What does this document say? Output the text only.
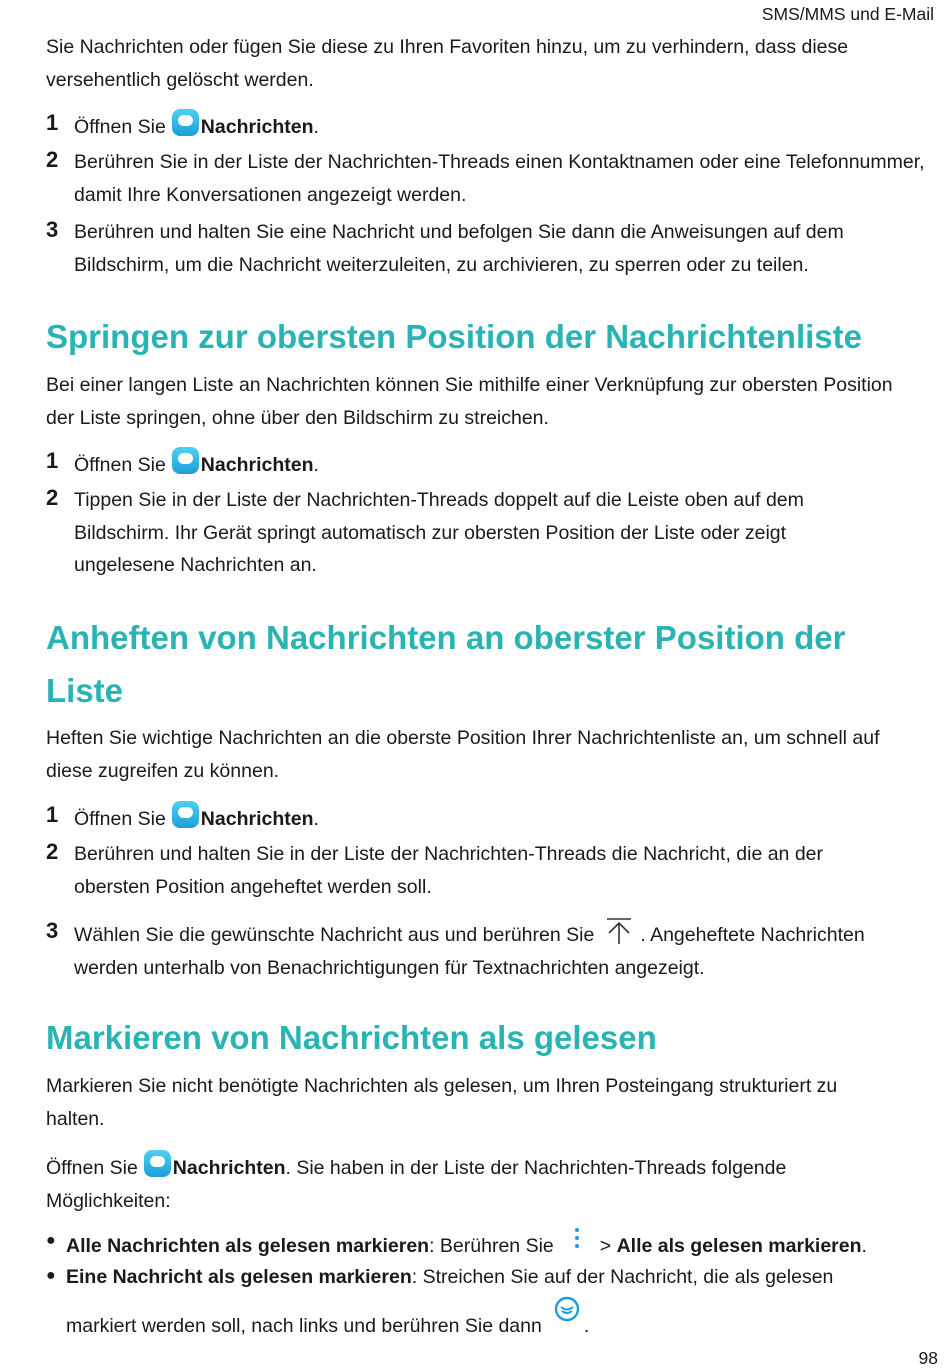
SMS/MMS und E-Mail
Sie Nachrichten oder fügen Sie diese zu Ihren Favoriten hinzu, um zu verhindern, dass diese versehentlich gelöscht werden.
1 Öffnen Sie Nachrichten.
2 Berühren Sie in der Liste der Nachrichten-Threads einen Kontaktnamen oder eine Telefonnummer, damit Ihre Konversationen angezeigt werden.
3 Berühren und halten Sie eine Nachricht und befolgen Sie dann die Anweisungen auf dem Bildschirm, um die Nachricht weiterzuleiten, zu archivieren, zu sperren oder zu teilen.
Springen zur obersten Position der Nachrichtenliste
Bei einer langen Liste an Nachrichten können Sie mithilfe einer Verknüpfung zur obersten Position der Liste springen, ohne über den Bildschirm zu streichen.
1 Öffnen Sie Nachrichten.
2 Tippen Sie in der Liste der Nachrichten-Threads doppelt auf die Leiste oben auf dem Bildschirm. Ihr Gerät springt automatisch zur obersten Position der Liste oder zeigt ungelesene Nachrichten an.
Anheften von Nachrichten an oberster Position der Liste
Heften Sie wichtige Nachrichten an die oberste Position Ihrer Nachrichtenliste an, um schnell auf diese zugreifen zu können.
1 Öffnen Sie Nachrichten.
2 Berühren und halten Sie in der Liste der Nachrichten-Threads die Nachricht, die an der obersten Position angeheftet werden soll.
3 Wählen Sie die gewünschte Nachricht aus und berühren Sie . Angeheftete Nachrichten werden unterhalb von Benachrichtigungen für Textnachrichten angezeigt.
Markieren von Nachrichten als gelesen
Markieren Sie nicht benötigte Nachrichten als gelesen, um Ihren Posteingang strukturiert zu halten.
Öffnen Sie Nachrichten. Sie haben in der Liste der Nachrichten-Threads folgende Möglichkeiten:
● Alle Nachrichten als gelesen markieren: Berühren Sie > Alle als gelesen markieren.
● Eine Nachricht als gelesen markieren: Streichen Sie auf der Nachricht, die als gelesen
markiert werden soll, nach links und berühren Sie dann .
98
